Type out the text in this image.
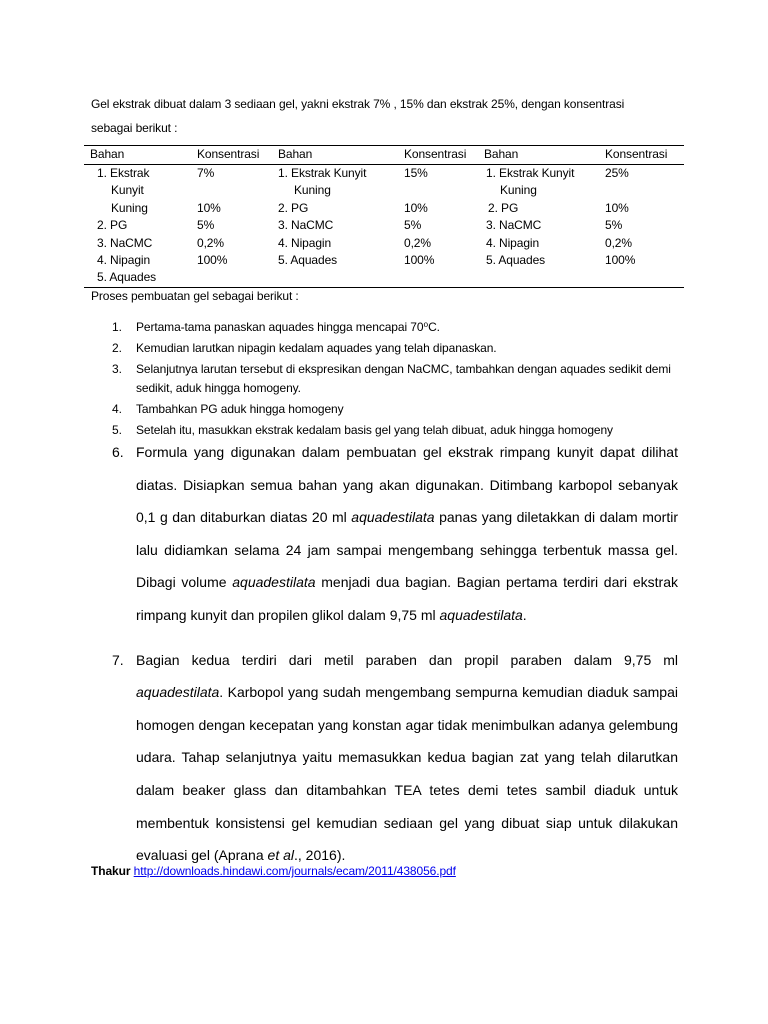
Gel ekstrak dibuat dalam 3 sediaan gel, yakni ekstrak 7% , 15% dan ekstrak 25%, dengan konsentrasi
sebagai berikut :
Bahan	Konsentrasi	Bahan	Konsentrasi	Bahan	Konsentrasi
1. Ekstrak	7%	1. Ekstrak Kunyit	15%	1. Ekstrak Kunyit	25%
Kunyit		Kuning		Kuning	
Kuning	10%	2. PG	10%	2. PG	10%
2. PG	5%	3. NaCMC	5%	3. NaCMC	5%
3. NaCMC	0,2%	4. Nipagin	0,2%	4. Nipagin	0,2%
4. Nipagin	100%	5. Aquades	100%	5. Aquades	100%
5. Aquades					
Proses pembuatan gel sebagai berikut :
1. Pertama-tama panaskan aquades hingga mencapai 70⁰C.
2. Kemudian larutkan nipagin kedalam aquades yang telah dipanaskan.
3. Selanjutnya larutan tersebut di ekspresikan dengan NaCMC, tambahkan dengan aquades sedikit demi sedikit, aduk hingga homogeny.
4. Tambahkan PG aduk hingga homogeny
5. Setelah itu, masukkan ekstrak kedalam basis gel yang telah dibuat, aduk hingga homogeny
6. Formula yang digunakan dalam pembuatan gel ekstrak rimpang kunyit dapat dilihat diatas. Disiapkan semua bahan yang akan digunakan. Ditimbang karbopol sebanyak 0,1 g dan ditaburkan diatas 20 ml aquadestilata panas yang diletakkan di dalam mortir lalu didiamkan selama 24 jam sampai mengembang sehingga terbentuk massa gel. Dibagi volume aquadestilata menjadi dua bagian. Bagian pertama terdiri dari ekstrak rimpang kunyit dan propilen glikol dalam 9,75 ml aquadestilata.
7. Bagian kedua terdiri dari metil paraben dan propil paraben dalam 9,75 ml aquadestilata. Karbopol yang sudah mengembang sempurna kemudian diaduk sampai homogen dengan kecepatan yang konstan agar tidak menimbulkan adanya gelembung udara. Tahap selanjutnya yaitu memasukkan kedua bagian zat yang telah dilarutkan dalam beaker glass dan ditambahkan TEA tetes demi tetes sambil diaduk untuk membentuk konsistensi gel kemudian sediaan gel yang dibuat siap untuk dilakukan evaluasi gel (Aprana et al., 2016).
Thakur http://downloads.hindawi.com/journals/ecam/2011/438056.pdf
